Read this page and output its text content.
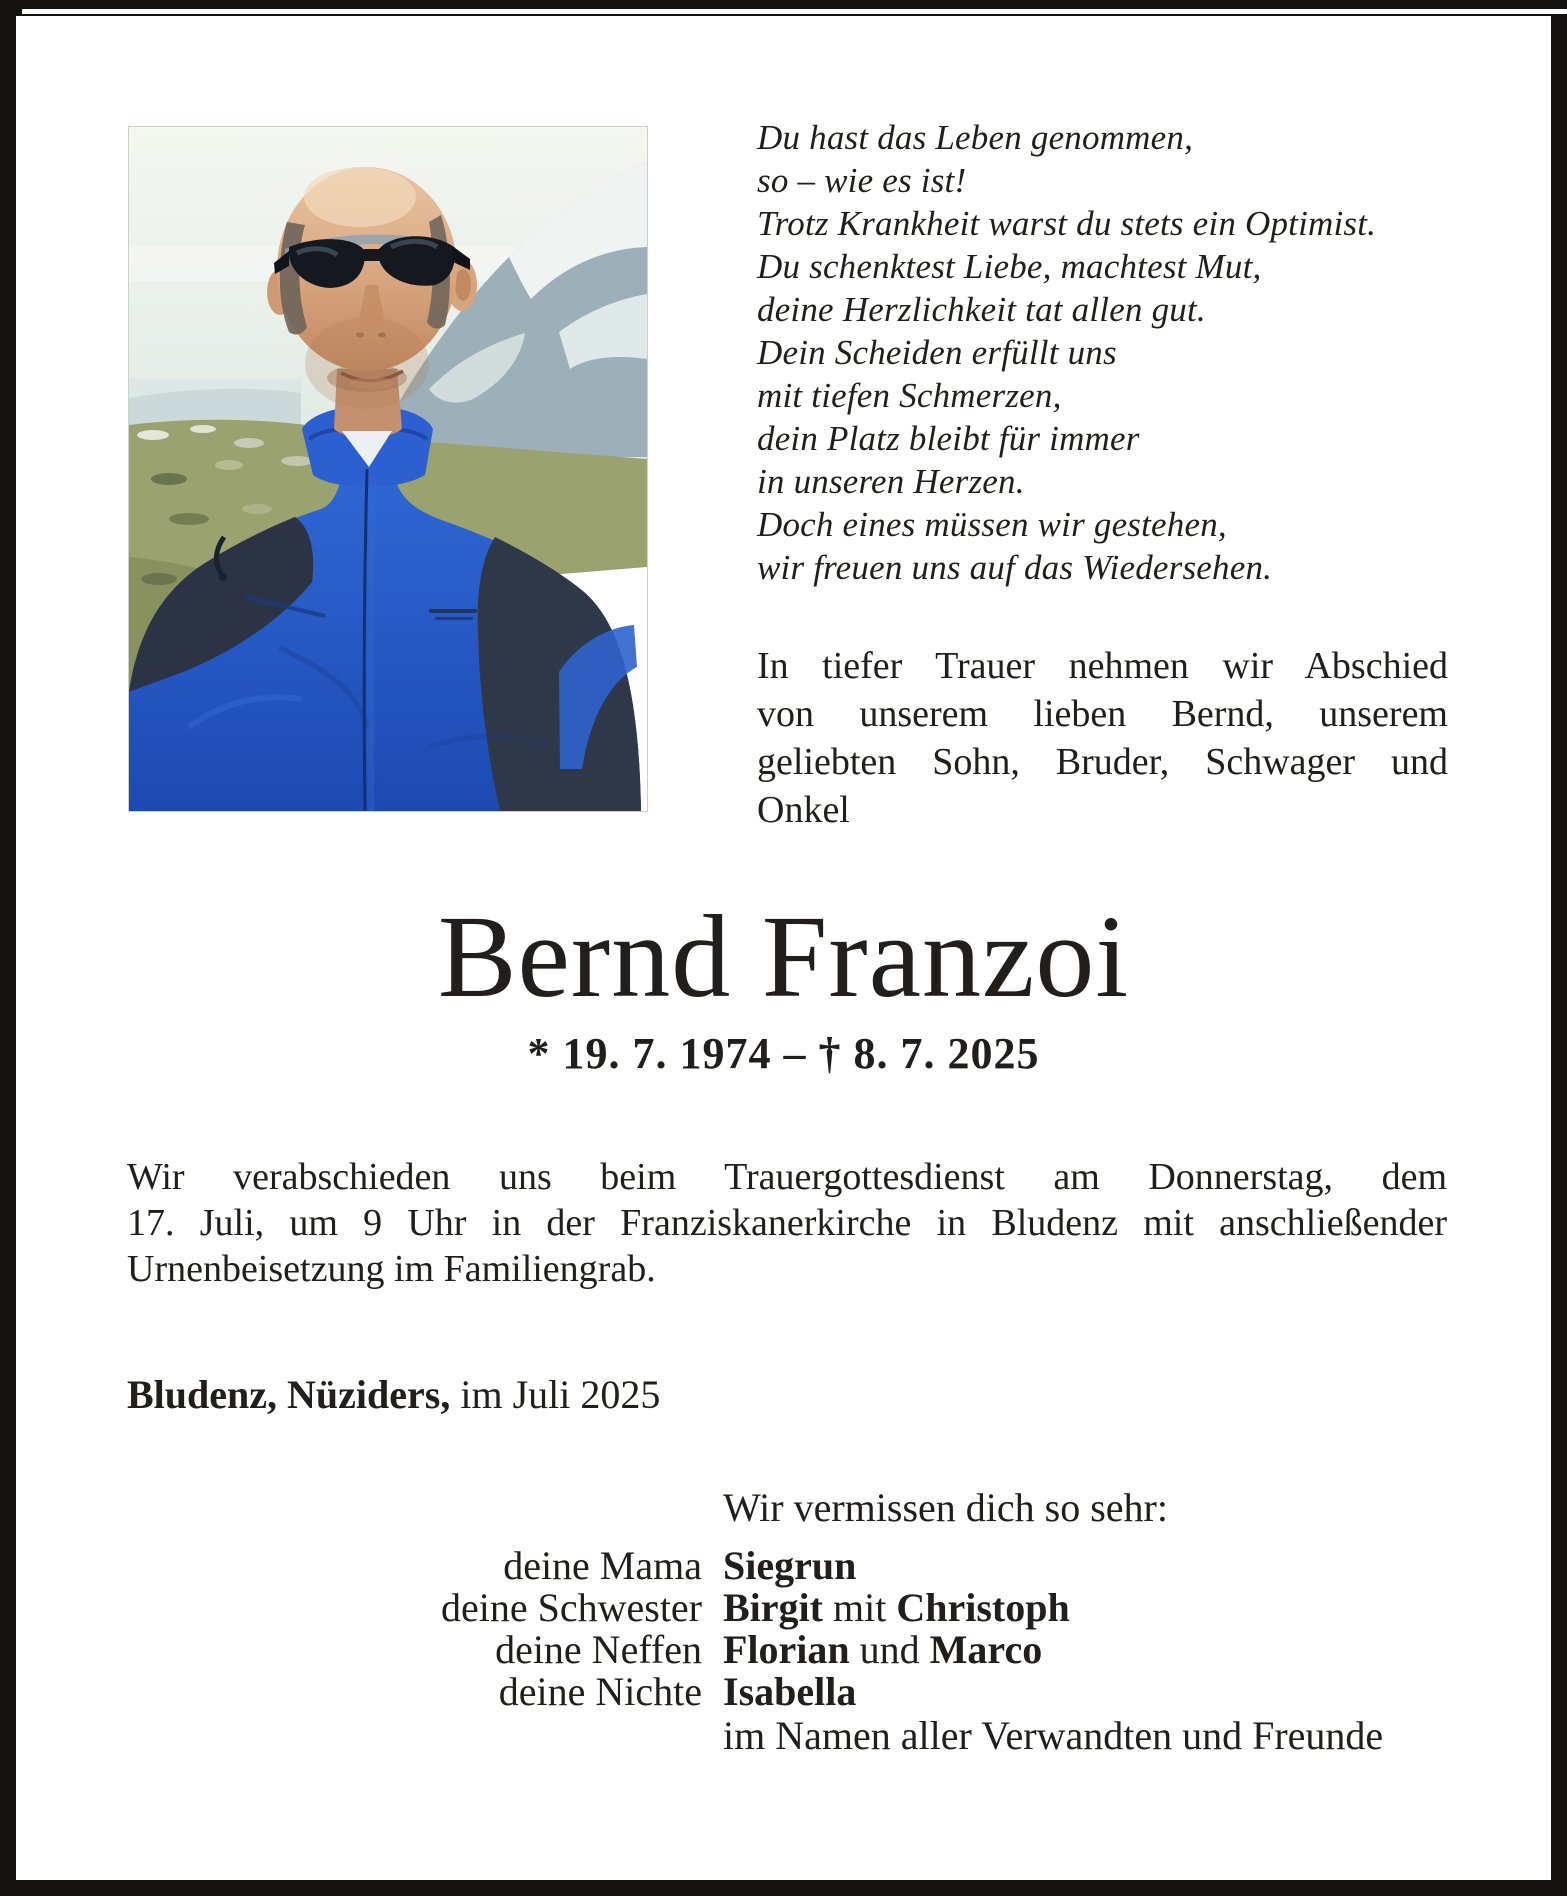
Du hast das Leben genommen,
so – wie es ist!
Trotz Krankheit warst du stets ein Optimist.
Du schenktest Liebe, machtest Mut,
deine Herzlichkeit tat allen gut.
Dein Scheiden erfüllt uns
mit tiefen Schmerzen,
dein Platz bleibt für immer
in unseren Herzen.
Doch eines müssen wir gestehen,
wir freuen uns auf das Wiedersehen.
In tiefer Trauer nehmen wir Abschied
von unserem lieben Bernd, unserem
geliebten Sohn, Bruder, Schwager und
Onkel
Bernd Franzoi
* 19. 7. 1974 – † 8. 7. 2025
Wir verabschieden uns beim Trauergottesdienst am Donnerstag, dem
17. Juli, um 9 Uhr in der Franziskanerkirche in Bludenz mit anschließender
Urnenbeisetzung im Familiengrab.
Bludenz, Nüziders, im Juli 2025
Wir vermissen dich so sehr:
deine Mama Siegrun
deine Schwester Birgit mit Christoph
deine Neffen Florian und Marco
deine Nichte Isabella
im Namen aller Verwandten und Freunde
